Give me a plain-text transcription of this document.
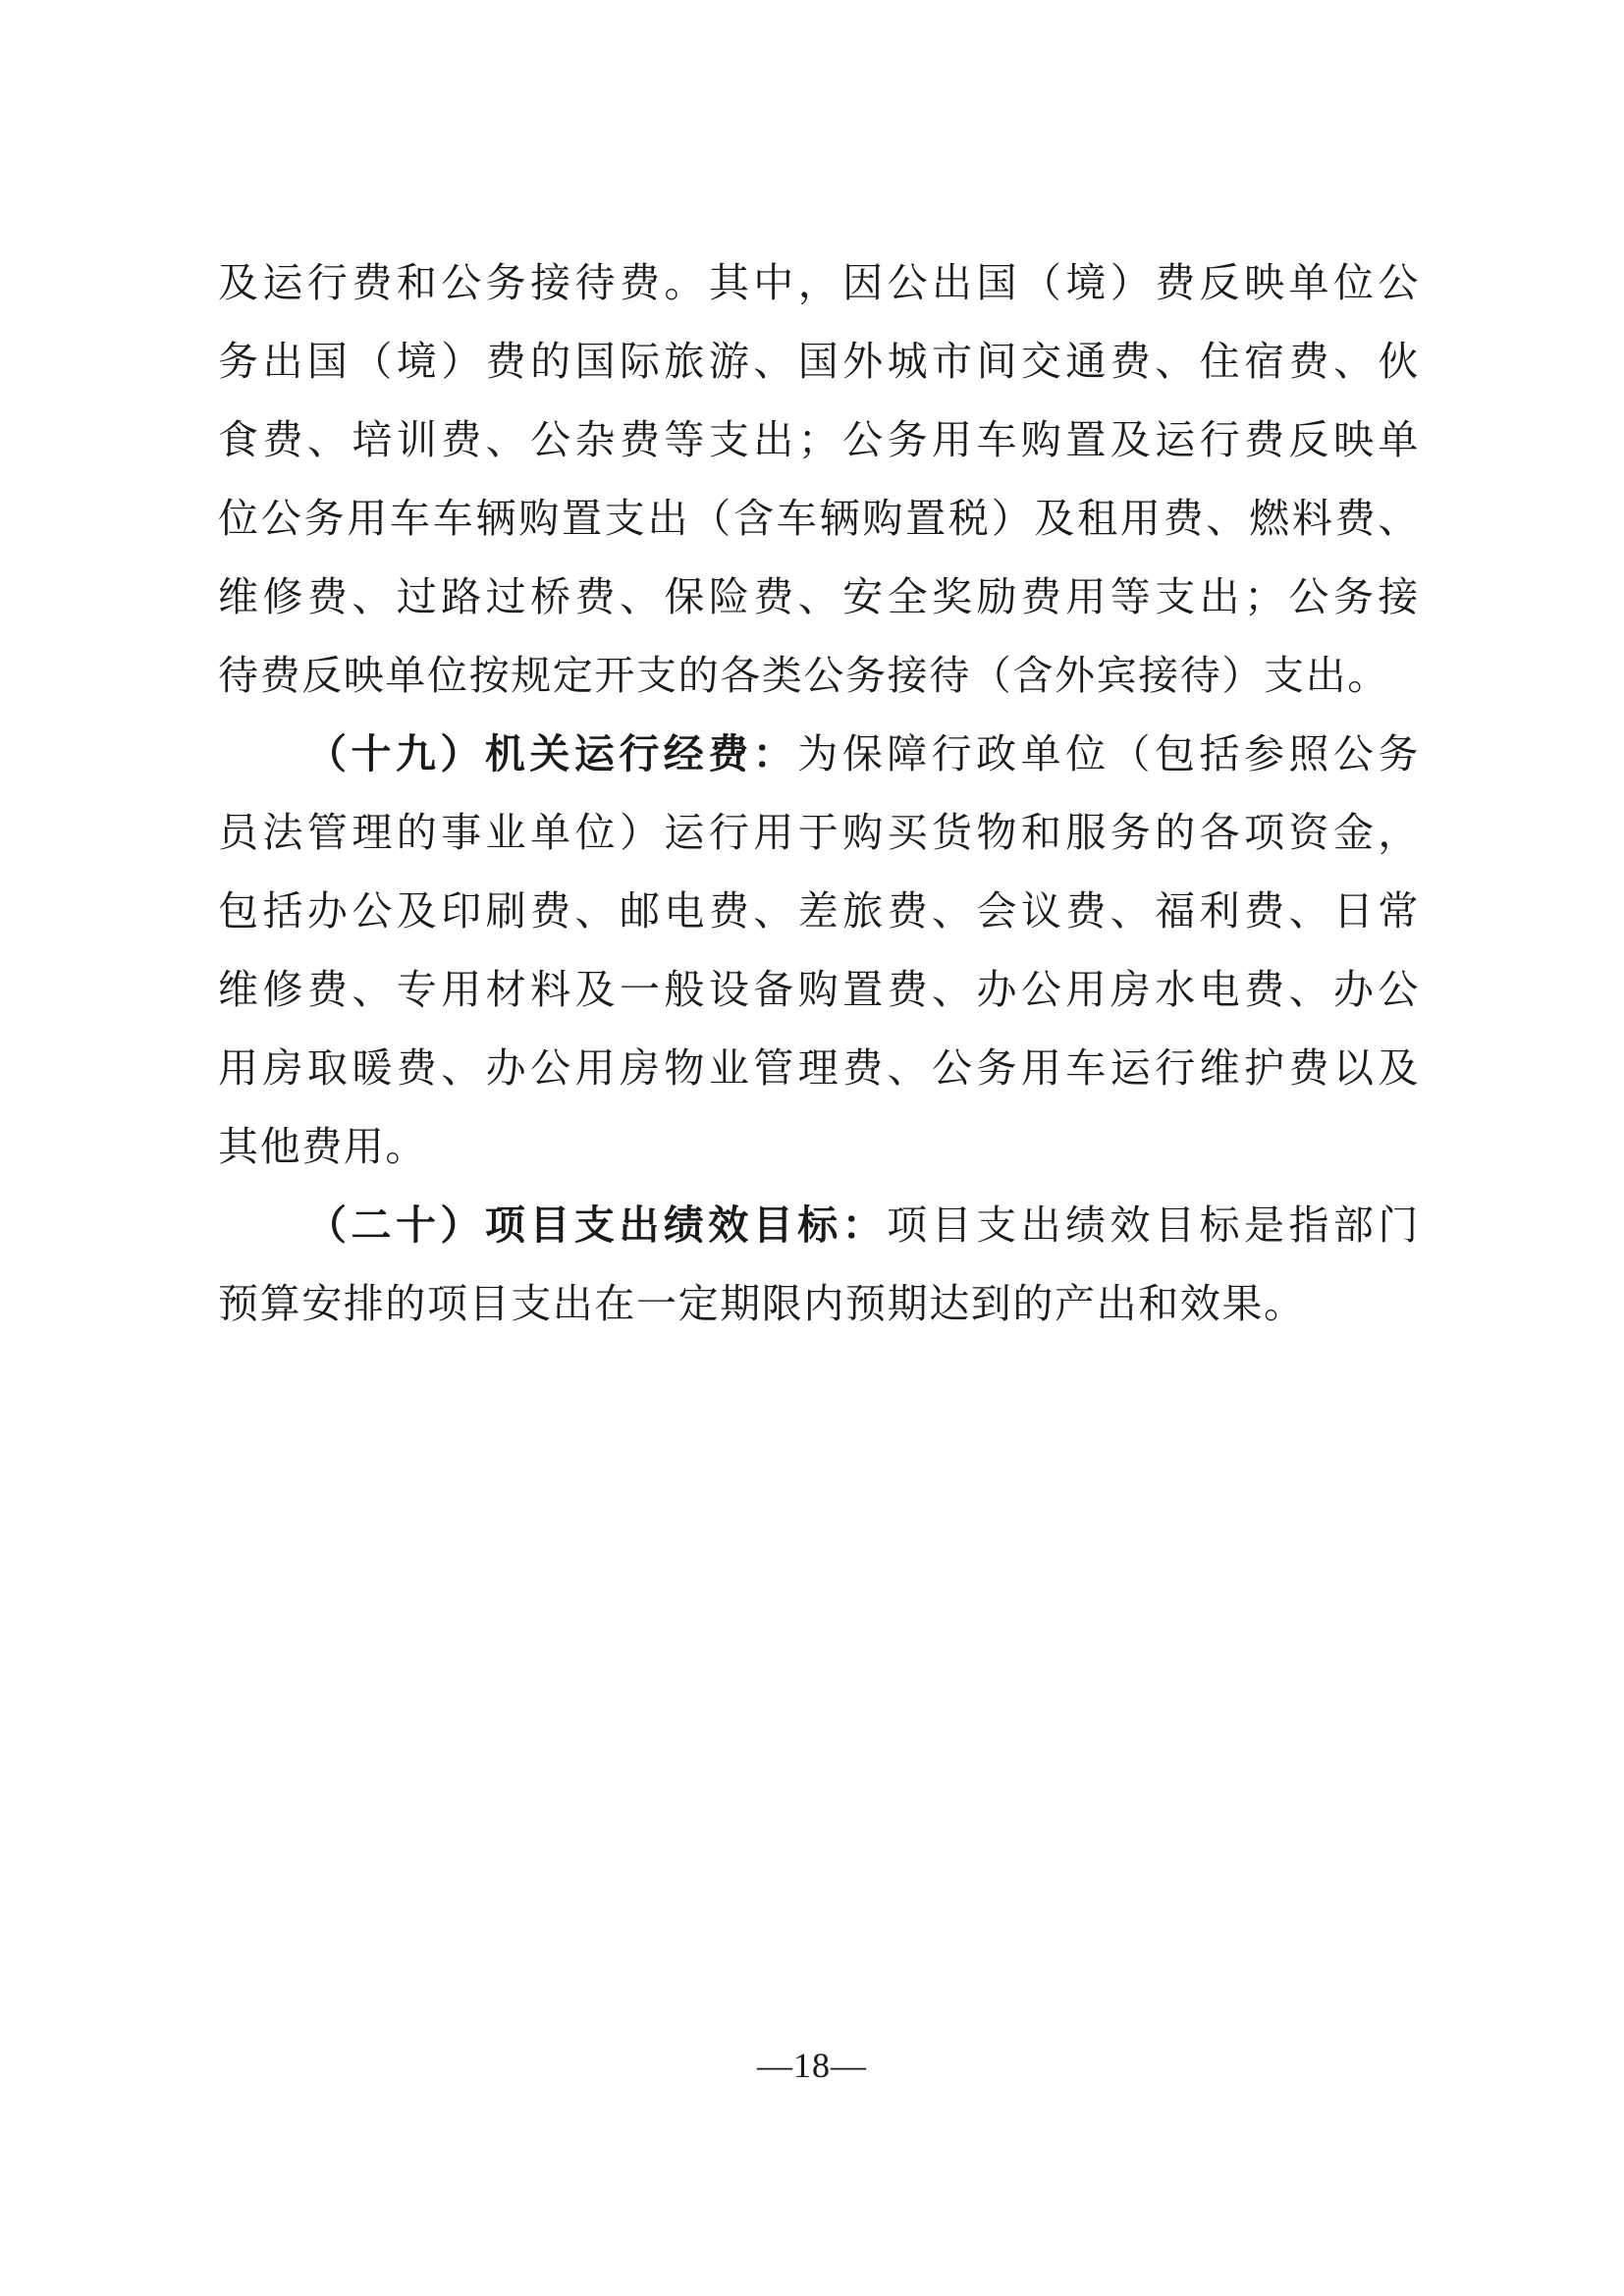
及运行费和公务接待费。其中，因公出国（境）费反映单位公
务出国（境）费的国际旅游、国外城市间交通费、住宿费、伙
食费、培训费、公杂费等支出；公务用车购置及运行费反映单
位公务用车车辆购置支出（含车辆购置税）及租用费、燃料费、
维修费、过路过桥费、保险费、安全奖励费用等支出；公务接
待费反映单位按规定开支的各类公务接待（含外宾接待）支出。
（十九）机关运行经费：为保障行政单位（包括参照公务
员法管理的事业单位）运行用于购买货物和服务的各项资金，
包括办公及印刷费、邮电费、差旅费、会议费、福利费、日常
维修费、专用材料及一般设备购置费、办公用房水电费、办公
用房取暖费、办公用房物业管理费、公务用车运行维护费以及
其他费用。
（二十）项目支出绩效目标：项目支出绩效目标是指部门
预算安排的项目支出在一定期限内预期达到的产出和效果。
—18—
